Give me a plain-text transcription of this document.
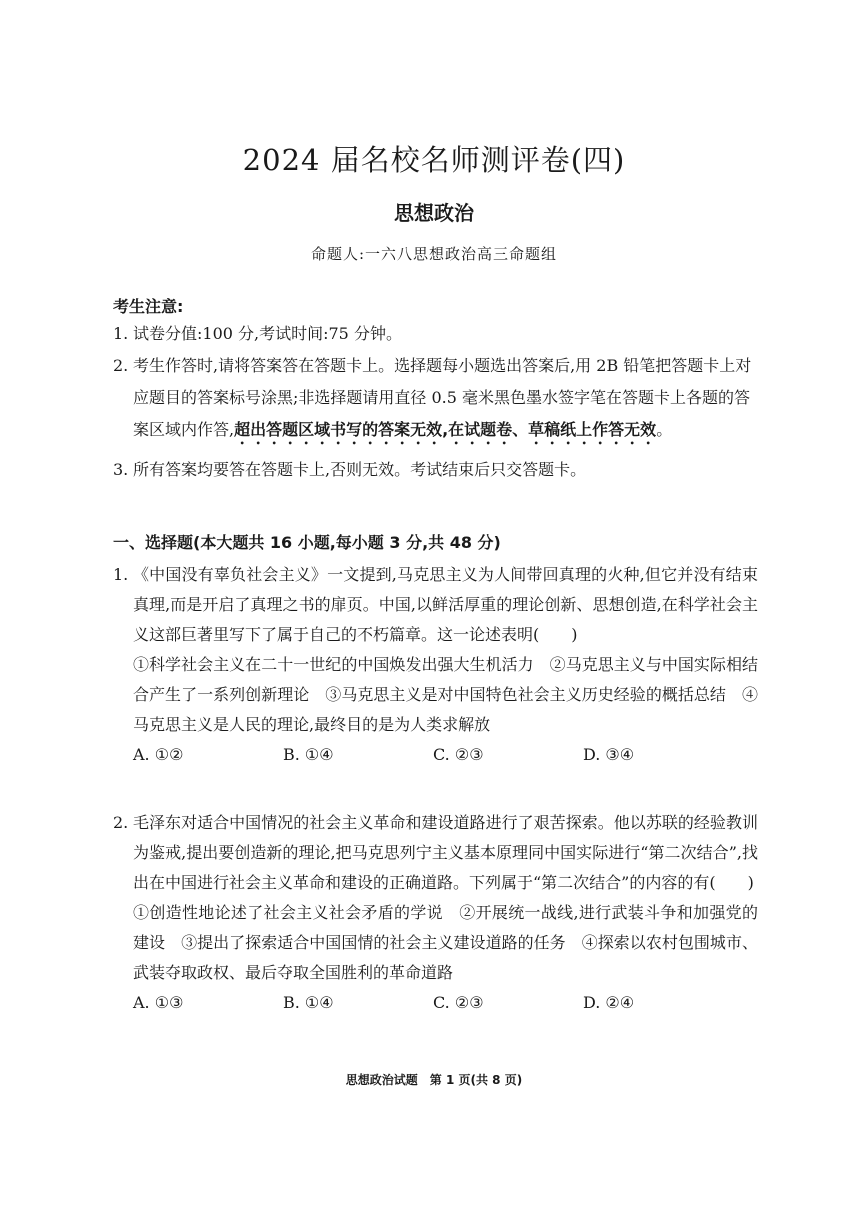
2024 届名校名师测评卷(四)
思想政治
命题人:一六八思想政治高三命题组
考生注意:
1. 试卷分值:100 分,考试时间:75 分钟。
2. 考生作答时,请将答案答在答题卡上。选择题每小题选出答案后,用 2B 铅笔把答题卡上对应题目的答案标号涂黑;非选择题请用直径 0.5 毫米黑色墨水签字笔在答题卡上各题的答案区域内作答,超出答题区域书写的答案无效,在试题卷、草稿纸上作答无效。
3. 所有答案均要答在答题卡上,否则无效。考试结束后只交答题卡。
一、选择题(本大题共 16 小题,每小题 3 分,共 48 分)
1. 《中国没有辜负社会主义》一文提到,马克思主义为人间带回真理的火种,但它并没有结束真理,而是开启了真理之书的扉页。中国,以鲜活厚重的理论创新、思想创造,在科学社会主义这部巨著里写下了属于自己的不朽篇章。这一论述表明(　　)
①科学社会主义在二十一世纪的中国焕发出强大生机活力　②马克思主义与中国实际相结合产生了一系列创新理论　③马克思主义是对中国特色社会主义历史经验的概括总结　④马克思主义是人民的理论,最终目的是为人类求解放
A. ①②	B. ①④	C. ②③	D. ③④
2. 毛泽东对适合中国情况的社会主义革命和建设道路进行了艰苦探索。他以苏联的经验教训为鉴戒,提出要创造新的理论,把马克思列宁主义基本原理同中国实际进行“第二次结合”,找出在中国进行社会主义革命和建设的正确道路。下列属于“第二次结合”的内容的有(　　)
①创造性地论述了社会主义社会矛盾的学说　②开展统一战线,进行武装斗争和加强党的建设　③提出了探索适合中国国情的社会主义建设道路的任务　④探索以农村包围城市、武装夺取政权、最后夺取全国胜利的革命道路
A. ①③	B. ①④	C. ②③	D. ②④
思想政治试题　第 1 页(共 8 页)
